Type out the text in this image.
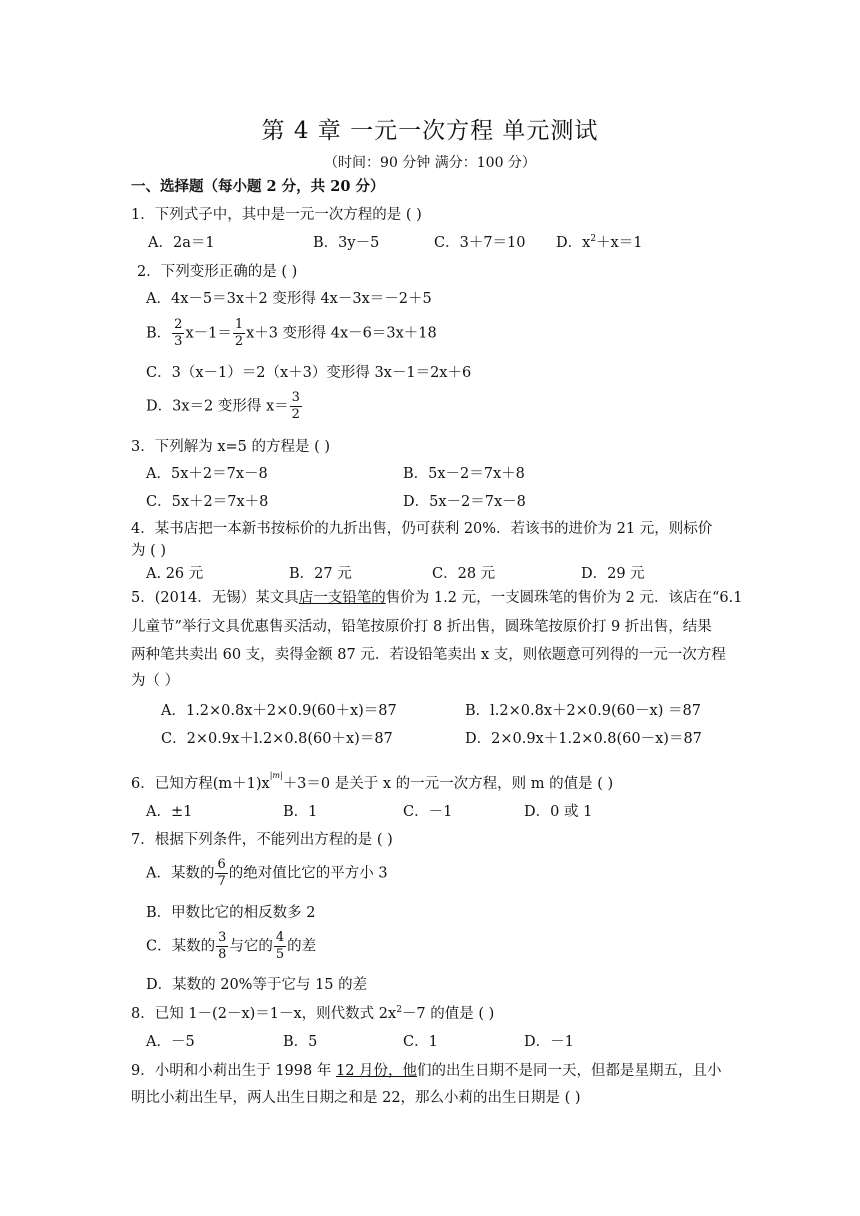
第 4 章 一元一次方程 单元测试
（时间：90 分钟 满分：100 分）
一、选择题（每小题 2 分，共 20 分）
1．下列式子中，其中是一元一次方程的是 ( )
A．2a＝1	B．3y－5	C．3＋7＝10 D．$x^2+x=1$
2．下列变形正确的是 ( )
A．4x－5＝3x＋2 变形得 4x－3x＝－2＋5
B． $\frac{2}{3} x-1= \frac{1}{2} x+3$ 变形得 4x－6＝3x＋18
C．3（x－1）＝2（x＋3）变形得 3x－1＝2x＋6
D．3x＝2 变形得 $x= \frac{3}{2}$
3．下列解为 x=5 的方程是 ( )
A．5x＋2＝7x－8	B．5x－2＝7x＋8
C．5x＋2＝7x＋8	D．5x－2＝7x－8
4．某书店把一本新书按标价的九折出售，仍可获利 20%．若该书的进价为 21 元，则标价
为 ( )
A. 26 元	B．27 元	C．28 元	D．29 元
5．(2014．无锡）某文具店一支铅笔的售价为 1.2 元，一支圆珠笔的售价为 2 元．该店在“6.1
儿童节”举行文具优惠售买活动，铅笔按原价打 8 折出售，圆珠笔按原价打 9 折出售，结果
两种笔共卖出 60 支，卖得金额 87 元．若设铅笔卖出 x 支，则依题意可列得的一元一次方程
为（ ）
A．1.2×0.8x＋2×0.9(60＋x)＝87	B．l.2×0.8x＋2×0.9(60－x) ＝87
C．2×0.9x＋l.2×0.8(60＋x)＝87	D．2×0.9x＋1.2×0.8(60－x)＝87
6．已知方程$(m+1)x^{|m|}+3=0$ 是关于 x 的一元一次方程，则 m 的值是 ( )
A．±1	B．1	C．－1	D．0 或 1
7．根据下列条件，不能列出方程的是 ( )
A．某数的 $\frac{6}{7}$ 的绝对值比它的平方小 3
B．甲数比它的相反数多 2
C．某数的 $\frac{3}{8}$ 与它的 $\frac{4}{5}$ 的差
D．某数的 20%等于它与 15 的差
8．已知 1－(2－x)＝1－x，则代数式 $2x^2-7$ 的值是 ( )
A．－5	B．5	C．1	D．－1
9．小明和小莉出生于 1998 年 12 月份，他们的出生日期不是同一天，但都是星期五，且小
明比小莉出生早，两人出生日期之和是 22，那么小莉的出生日期是 ( )
